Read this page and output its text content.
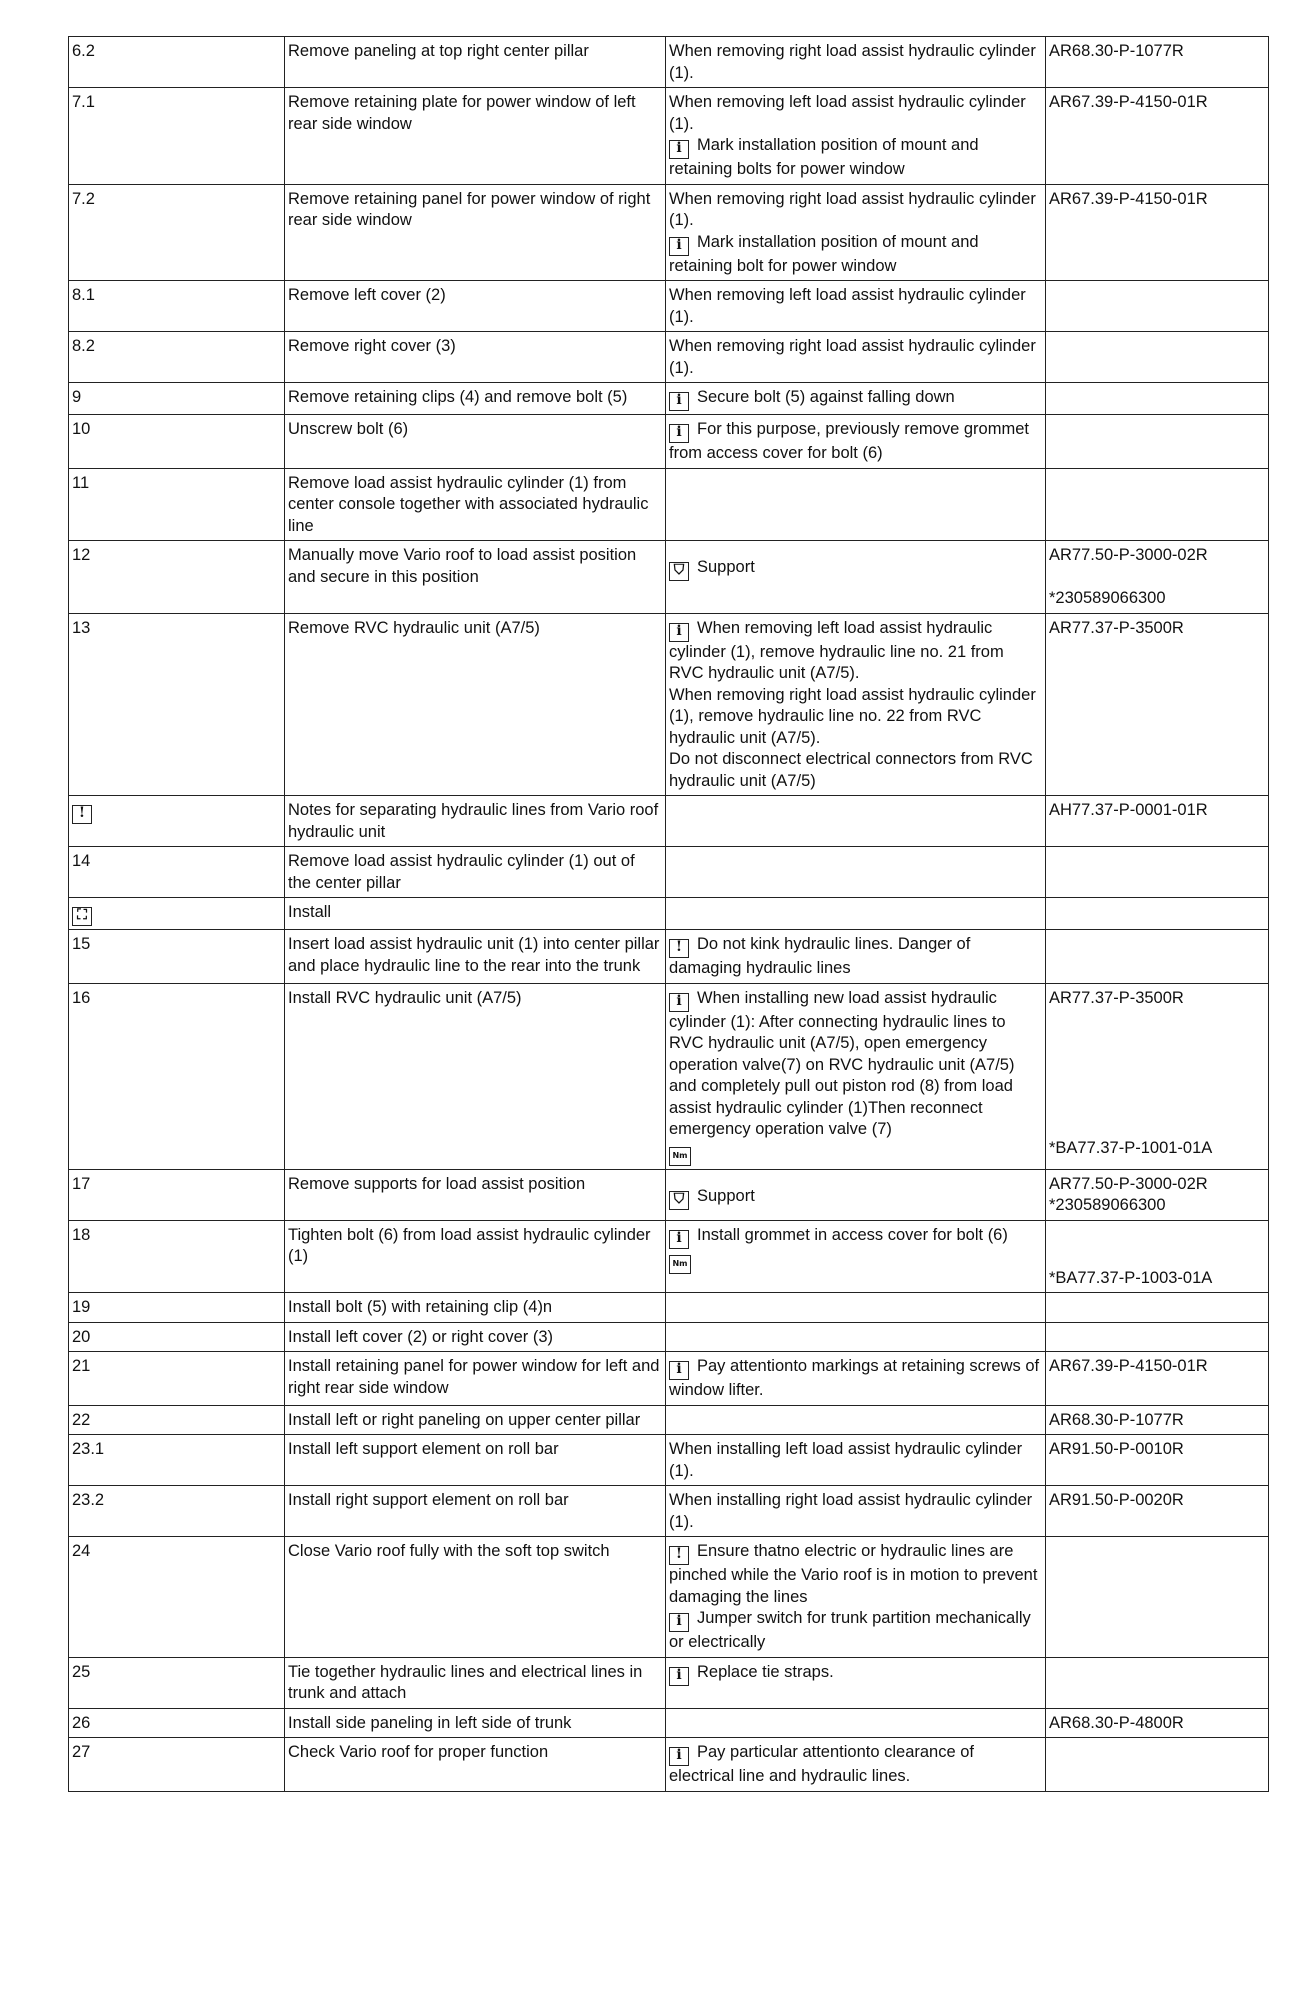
6.2	Remove paneling at top right center pillar	When removing right load assist hydraulic cylinder (1).	AR68.30-P-1077R

7.1	Remove retaining plate for power window of left rear side window	When removing left load assist hydraulic cylinder (1).
i Mark installation position of mount and retaining bolts for power window	AR67.39-P-4150-01R

7.2	Remove retaining panel for power window of right rear side window	When removing right load assist hydraulic cylinder (1).
i Mark installation position of mount and retaining bolt for power window	AR67.39-P-4150-01R

8.1	Remove left cover (2)	When removing left load assist hydraulic cylinder (1).	

8.2	Remove right cover (3)	When removing right load assist hydraulic cylinder (1).	

9	Remove retaining clips (4) and remove bolt (5)	i Secure bolt (5) against falling down	

10	Unscrew bolt (6)	i For this purpose, previously remove grommet from access cover for bolt (6)	

11	Remove load assist hydraulic cylinder (1) from center console together with associated hydraulic line		
12	Manually move Vario roof to load assist position and secure in this position	⛉ Support	AR77.50-P-3000-02R

*230589066300

13	Remove RVC hydraulic unit (A7/5)	i When removing left load assist hydraulic cylinder (1), remove hydraulic line no. 21 from RVC hydraulic unit (A7/5).
When removing right load assist hydraulic cylinder (1), remove hydraulic line no. 22 from RVC hydraulic unit (A7/5).
Do not disconnect electrical connectors from RVC hydraulic unit (A7/5)	AR77.37-P-3500R

!	Notes for separating hydraulic lines from Vario roof hydraulic unit		AH77.37-P-0001-01R

14	Remove load assist hydraulic cylinder (1) out of the center pillar		
⛶	Install		
15	Insert load assist hydraulic unit (1) into center pillar and place hydraulic line to the rear into the trunk	! Do not kink hydraulic lines. Danger of damaging hydraulic lines	

16	Install RVC hydraulic unit (A7/5)	i When installing new load assist hydraulic cylinder (1): After connecting hydraulic lines to RVC hydraulic unit (A7/5), open emergency operation valve(7) on RVC hydraulic unit (A7/5) and completely pull out piston rod (8) from load assist hydraulic cylinder (1)Then reconnect emergency operation valve (7)
Nm	AR77.37-P-3500R

*BA77.37-P-1001-01A

17	Remove supports for load assist position	⛉ Support	AR77.50-P-3000-02R
*230589066300

18	Tighten bolt (6) from load assist hydraulic cylinder (1)	i Install grommet in access cover for bolt (6)
Nm	*BA77.37-P-1003-01A

19	Install bolt (5) with retaining clip (4)n		
20	Install left cover (2) or right cover (3)		
21	Install retaining panel for power window for left and right rear side window	i Pay attentionto markings at retaining screws of window lifter.	AR67.39-P-4150-01R

22	Install left or right paneling on upper center pillar		AR68.30-P-1077R

23.1	Install left support element on roll bar	When installing left load assist hydraulic cylinder (1).	AR91.50-P-0010R

23.2	Install right support element on roll bar	When installing right load assist hydraulic cylinder (1).	AR91.50-P-0020R

24	Close Vario roof fully with the soft top switch	! Ensure thatno electric or hydraulic lines are pinched while the Vario roof is in motion to prevent damaging the lines
i Jumper switch for trunk partition mechanically or electrically	

25	Tie together hydraulic lines and electrical lines in trunk and attach	i Replace tie straps.	

26	Install side paneling in left side of trunk		AR68.30-P-4800R

27	Check Vario roof for proper function	i Pay particular attentionto clearance of electrical line and hydraulic lines.	
